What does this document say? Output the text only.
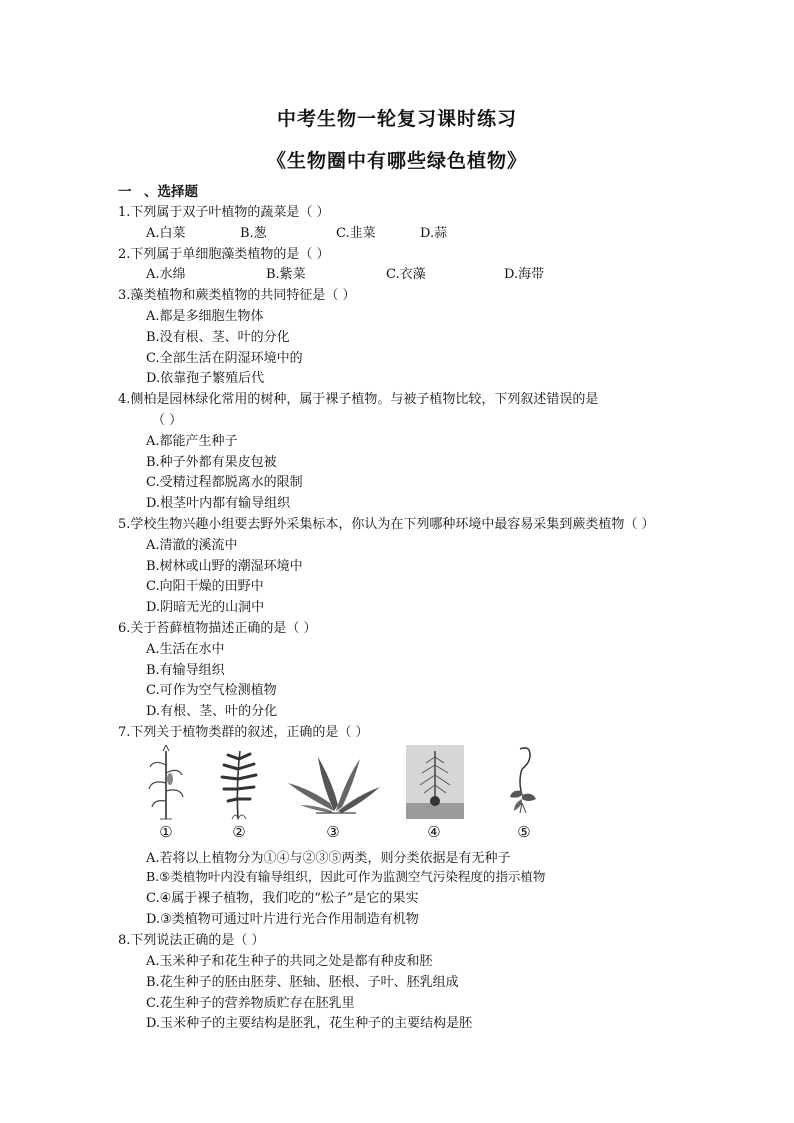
中考生物一轮复习课时练习
《生物圈中有哪些绿色植物》
一 、选择题
1.下列属于双子叶植物的蔬菜是（ ）
A.白菜	B.葱	C.韭菜	D.蒜
2.下列属于单细胞藻类植物的是（ ）
A.水绵	B.紫菜	C.衣藻	D.海带
3.藻类植物和蕨类植物的共同特征是（ ）
A.都是多细胞生物体
B.没有根、茎、叶的分化
C.全部生活在阴湿环境中的
D.依靠孢子繁殖后代
4.侧柏是园林绿化常用的树种，属于裸子植物。与被子植物比较，下列叙述错误的是
（ ）
A.都能产生种子
B.种子外都有果皮包被
C.受精过程都脱离水的限制
D.根茎叶内都有输导组织
5.学校生物兴趣小组要去野外采集标本，你认为在下列哪种环境中最容易采集到蕨类植物（ ）
A.清澈的溪流中
B.树林或山野的潮湿环境中
C.向阳干燥的田野中
D.阴暗无光的山洞中
6.关于苔藓植物描述正确的是（ ）
A.生活在水中
B.有输导组织
C.可作为空气检测植物
D.有根、茎、叶的分化
7.下列关于植物类群的叙述，正确的是（ ）
①	②	③	④	⑤
A.若将以上植物分为①④与②③⑤两类，则分类依据是有无种子
B.⑤类植物叶内没有输导组织，因此可作为监测空气污染程度的指示植物
C.④属于裸子植物，我们吃的“松子”是它的果实
D.③类植物可通过叶片进行光合作用制造有机物
8.下列说法正确的是（ ）
A.玉米种子和花生种子的共同之处是都有种皮和胚
B.花生种子的胚由胚芽、胚轴、胚根、子叶、胚乳组成
C.花生种子的营养物质贮存在胚乳里
D.玉米种子的主要结构是胚乳，花生种子的主要结构是胚
